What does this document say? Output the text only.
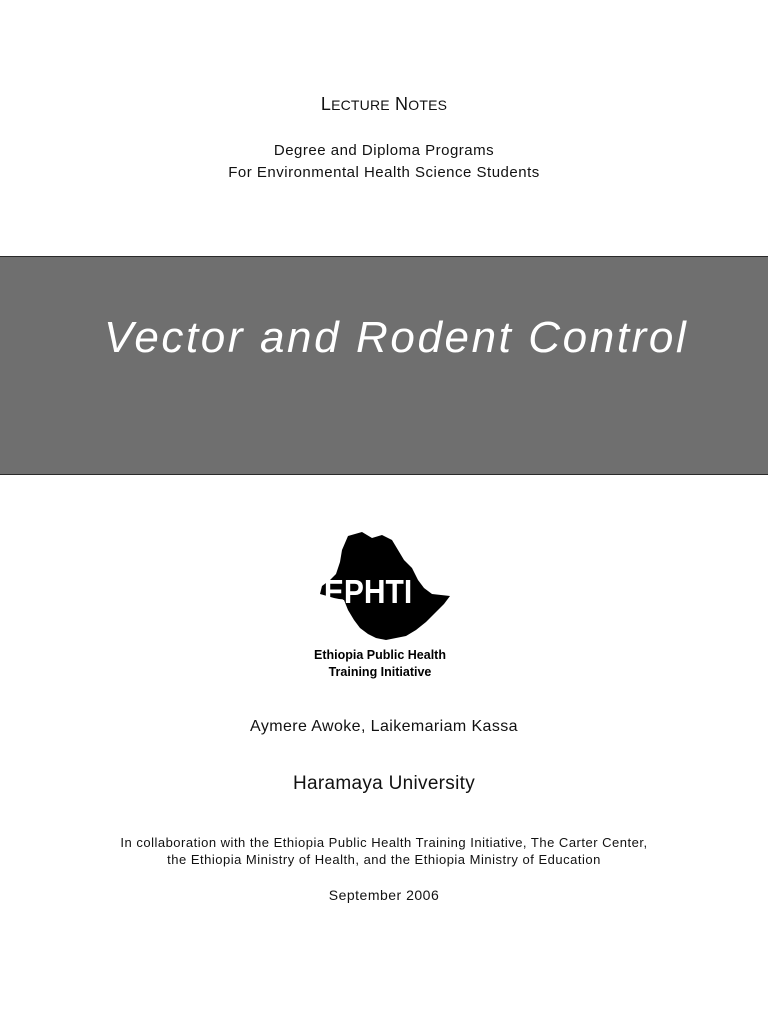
LECTURE NOTES
Degree and Diploma Programs
For Environmental Health Science Students
Vector and Rodent Control
EPHTI
Ethiopia Public Health
Training Initiative
Aymere Awoke, Laikemariam Kassa
Haramaya University
In collaboration with the Ethiopia Public Health Training Initiative, The Carter Center,
the Ethiopia Ministry of Health, and the Ethiopia Ministry of Education
September 2006
